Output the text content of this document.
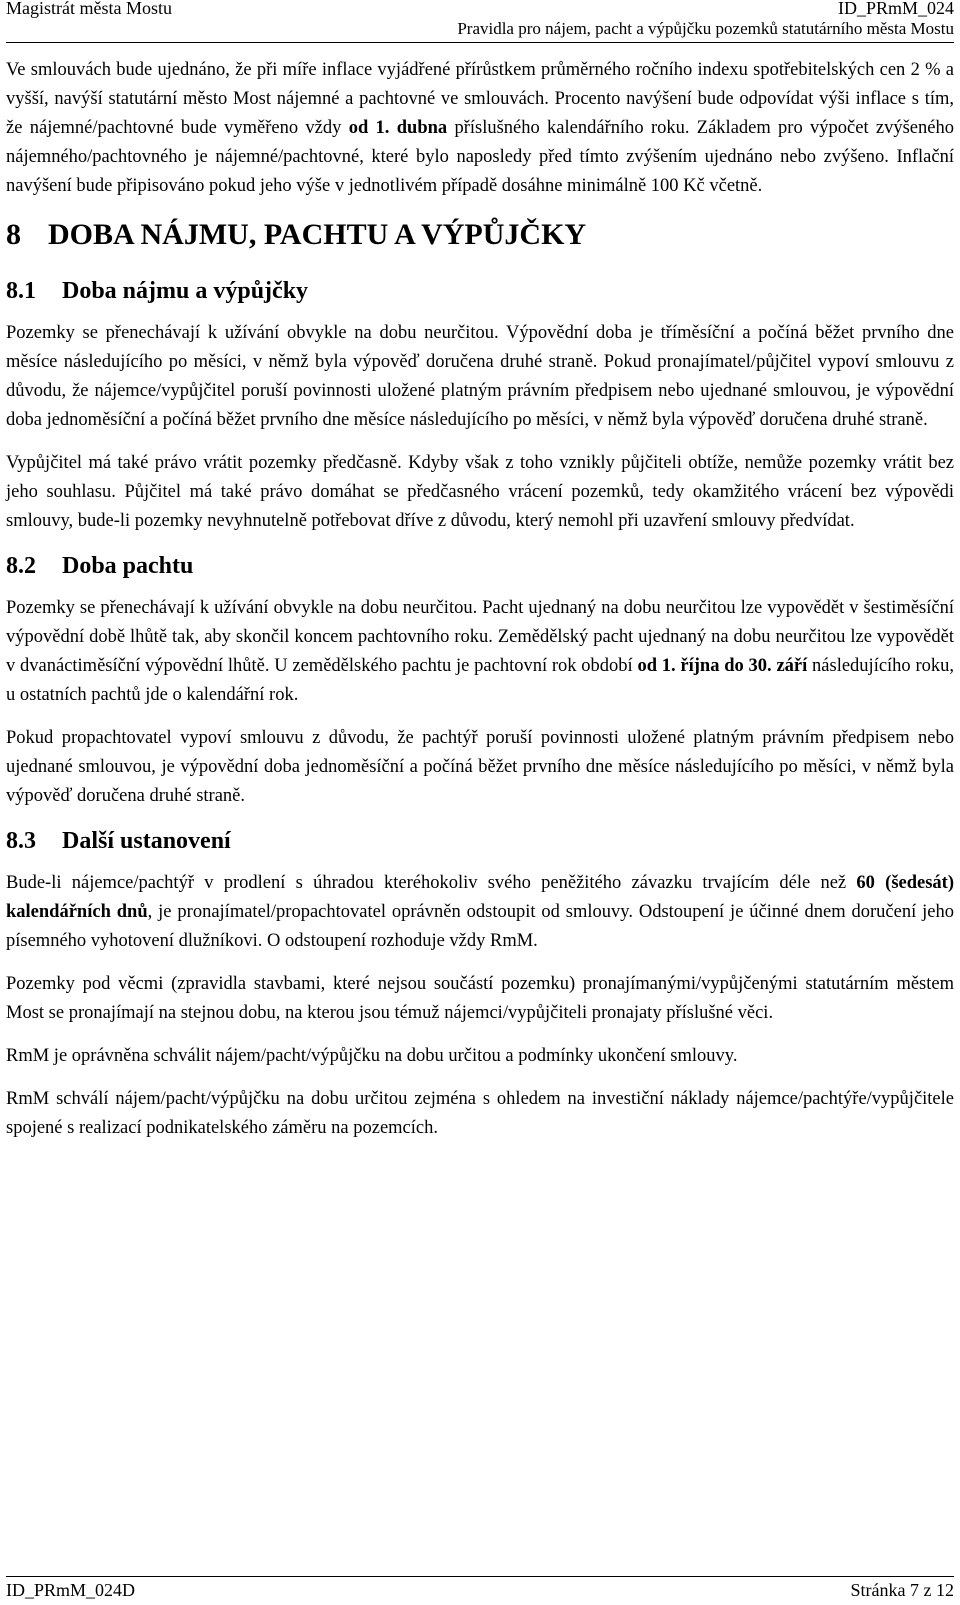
Magistrát města Mostu	ID_PRmM_024
Pravidla pro nájem, pacht a výpůjčku pozemků statutárního města Mostu

Ve smlouvách bude ujednáno, že při míře inflace vyjádřené přírůstkem průměrného ročního indexu spotřebitelských cen 2 % a vyšší, navýší statutární město Most nájemné a pachtovné ve smlouvách. Procento navýšení bude odpovídat výši inflace s tím, že nájemné/pachtovné bude vyměřeno vždy od 1. dubna příslušného kalendářního roku. Základem pro výpočet zvýšeného nájemného/pachtovného je nájemné/pachtovné, které bylo naposledy před tímto zvýšením ujednáno nebo zvýšeno. Inflační navýšení bude připisováno pokud jeho výše v jednotlivém případě dosáhne minimálně 100 Kč včetně.

8 DOBA NÁJMU, PACHTU A VÝPŮJČKY
8.1 Doba nájmu a výpůjčky

Pozemky se přenechávají k užívání obvykle na dobu neurčitou. Výpovědní doba je tříměsíční a počíná běžet prvního dne měsíce následujícího po měsíci, v němž byla výpověď doručena druhé straně. Pokud pronajímatel/půjčitel vypoví smlouvu z důvodu, že nájemce/vypůjčitel poruší povinnosti uložené platným právním předpisem nebo ujednané smlouvou, je výpovědní doba jednoměsíční a počíná běžet prvního dne měsíce následujícího po měsíci, v němž byla výpověď doručena druhé straně.

Vypůjčitel má také právo vrátit pozemky předčasně. Kdyby však z toho vznikly půjčiteli obtíže, nemůže pozemky vrátit bez jeho souhlasu. Půjčitel má také právo domáhat se předčasného vrácení pozemků, tedy okamžitého vrácení bez výpovědi smlouvy, bude-li pozemky nevyhnutelně potřebovat dříve z důvodu, který nemohl při uzavření smlouvy předvídat.

8.2 Doba pachtu

Pozemky se přenechávají k užívání obvykle na dobu neurčitou. Pacht ujednaný na dobu neurčitou lze vypovědět v šestiměsíční výpovědní době lhůtě tak, aby skončil koncem pachtovního roku. Zemědělský pacht ujednaný na dobu neurčitou lze vypovědět v dvanáctiměsíční výpovědní lhůtě. U zemědělského pachtu je pachtovní rok období od 1. října do 30. září následujícího roku, u ostatních pachtů jde o kalendářní rok.

Pokud propachtovatel vypoví smlouvu z důvodu, že pachtýř poruší povinnosti uložené platným právním předpisem nebo ujednané smlouvou, je výpovědní doba jednoměsíční a počíná běžet prvního dne měsíce následujícího po měsíci, v němž byla výpověď doručena druhé straně.

8.3 Další ustanovení

Bude-li nájemce/pachtýř v prodlení s úhradou kteréhokoliv svého peněžitého závazku trvajícím déle než 60 (šedesát) kalendářních dnů, je pronajímatel/propachtovatel oprávněn odstoupit od smlouvy. Odstoupení je účinné dnem doručení jeho písemného vyhotovení dlužníkovi. O odstoupení rozhoduje vždy RmM.

Pozemky pod věcmi (zpravidla stavbami, které nejsou součástí pozemku) pronajímanými/vypůjčenými statutárním městem Most se pronajímají na stejnou dobu, na kterou jsou témuž nájemci/vypůjčiteli pronajaty příslušné věci.

RmM je oprávněna schválit nájem/pacht/výpůjčku na dobu určitou a podmínky ukončení smlouvy.

RmM schválí nájem/pacht/výpůjčku na dobu určitou zejména s ohledem na investiční náklady nájemce/pachtýře/vypůjčitele spojené s realizací podnikatelského záměru na pozemcích.

ID_PRmM_024D	Stránka 7 z 12
